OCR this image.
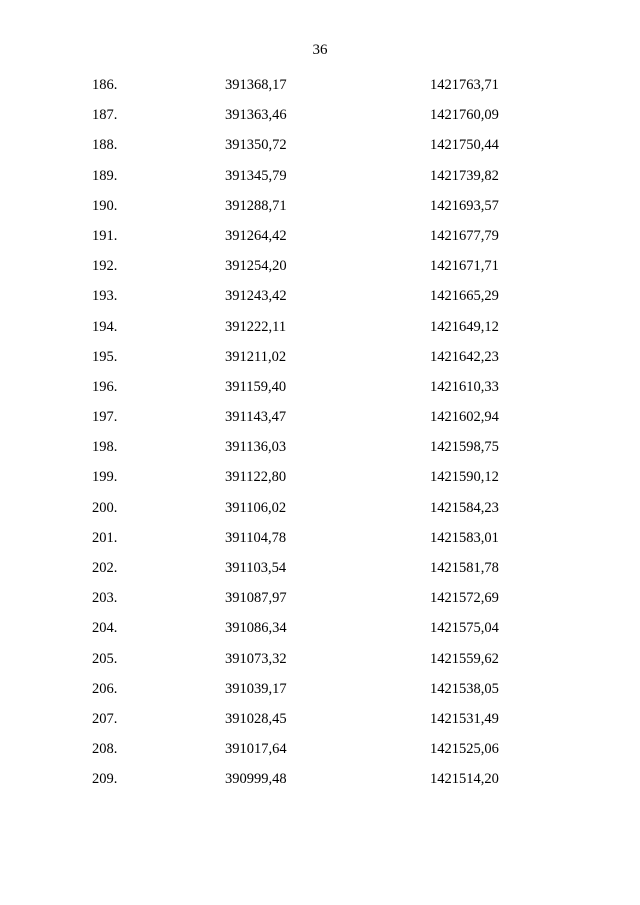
36
186.	391368,17	1421763,71
187.	391363,46	1421760,09
188.	391350,72	1421750,44
189.	391345,79	1421739,82
190.	391288,71	1421693,57
191.	391264,42	1421677,79
192.	391254,20	1421671,71
193.	391243,42	1421665,29
194.	391222,11	1421649,12
195.	391211,02	1421642,23
196.	391159,40	1421610,33
197.	391143,47	1421602,94
198.	391136,03	1421598,75
199.	391122,80	1421590,12
200.	391106,02	1421584,23
201.	391104,78	1421583,01
202.	391103,54	1421581,78
203.	391087,97	1421572,69
204.	391086,34	1421575,04
205.	391073,32	1421559,62
206.	391039,17	1421538,05
207.	391028,45	1421531,49
208.	391017,64	1421525,06
209.	390999,48	1421514,20
